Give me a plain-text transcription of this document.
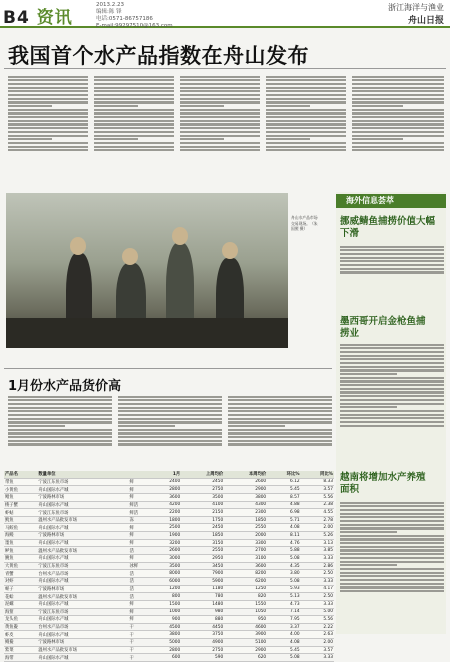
B4 资讯
2013.2.23
编辑:陈 锋
电话:0571-86757186
E-mail:99297510@163.com
浙江海洋与渔业
舟山日报
我国首个水产品指数在舟山发布
舟山水产品市场交易现场。（朱国照 摄）
海外信息荟萃
挪威鲭鱼捕捞价值大幅下滑
墨西哥开启金枪鱼捕捞业
越南将增加水产养殖面积
1月份水产品货价高
产品名	数量单位		1月	上周均价	本周均价	环比%	同比%
带鱼	宁波江东鱼市场	鲜	2400	2450	2600	6.12	8.33
小黄鱼	舟山国际水产城	鲜	2800	2750	2900	5.45	3.57
鲳鱼	宁波路林市场	鲜	3600	3500	3800	8.57	5.56
梭子蟹	舟山国际水产城	鲜活	4200	4100	4300	4.88	2.38
虾蛄	宁波江东鱼市场	鲜活	2200	2150	2300	6.98	4.55
鱿鱼	温州水产品批发市场	冻	1800	1750	1850	5.71	2.78
马鲛鱼	舟山国际水产城	鲜	2500	2450	2550	4.08	2.00
海鳗	宁波路林市场	鲜	1900	1850	2000	8.11	5.26
墨鱼	舟山国际水产城	鲜	3200	3150	3300	4.76	3.13
鲈鱼	温州水产品批发市场	活	2600	2550	2700	5.88	3.85
鮸鱼	舟山国际水产城	鲜	3000	2950	3100	5.08	3.33
大黄鱼	宁波江东鱼市场	冰鲜	3500	3450	3600	4.35	2.86
青蟹	台州水产品市场	活	8000	7900	8200	3.80	2.50
对虾	舟山国际水产城	活	6000	5900	6200	5.08	3.33
蛏子	宁波路林市场	活	1200	1180	1250	5.93	4.17
花蛤	温州水产品批发市场	活	800	780	820	5.13	2.50
泥螺	舟山国际水产城	鲜	1500	1480	1550	4.73	3.33
海蜇	宁波江东鱼市场	鲜	1000	980	1050	7.14	5.00
龙头鱼	舟山国际水产城	鲜	900	880	950	7.95	5.56
黄鱼鲞	台州水产品市场	干	4500	4450	4600	3.37	2.22
虾皮	舟山国际水产城	干	3800	3750	3900	4.00	2.63
鳗鲞	宁波路林市场	干	5000	4900	5100	4.08	2.00
紫菜	温州水产品批发市场	干	2800	2750	2900	5.45	3.57
海带	舟山国际水产城	干	600	590	620	5.08	3.33
